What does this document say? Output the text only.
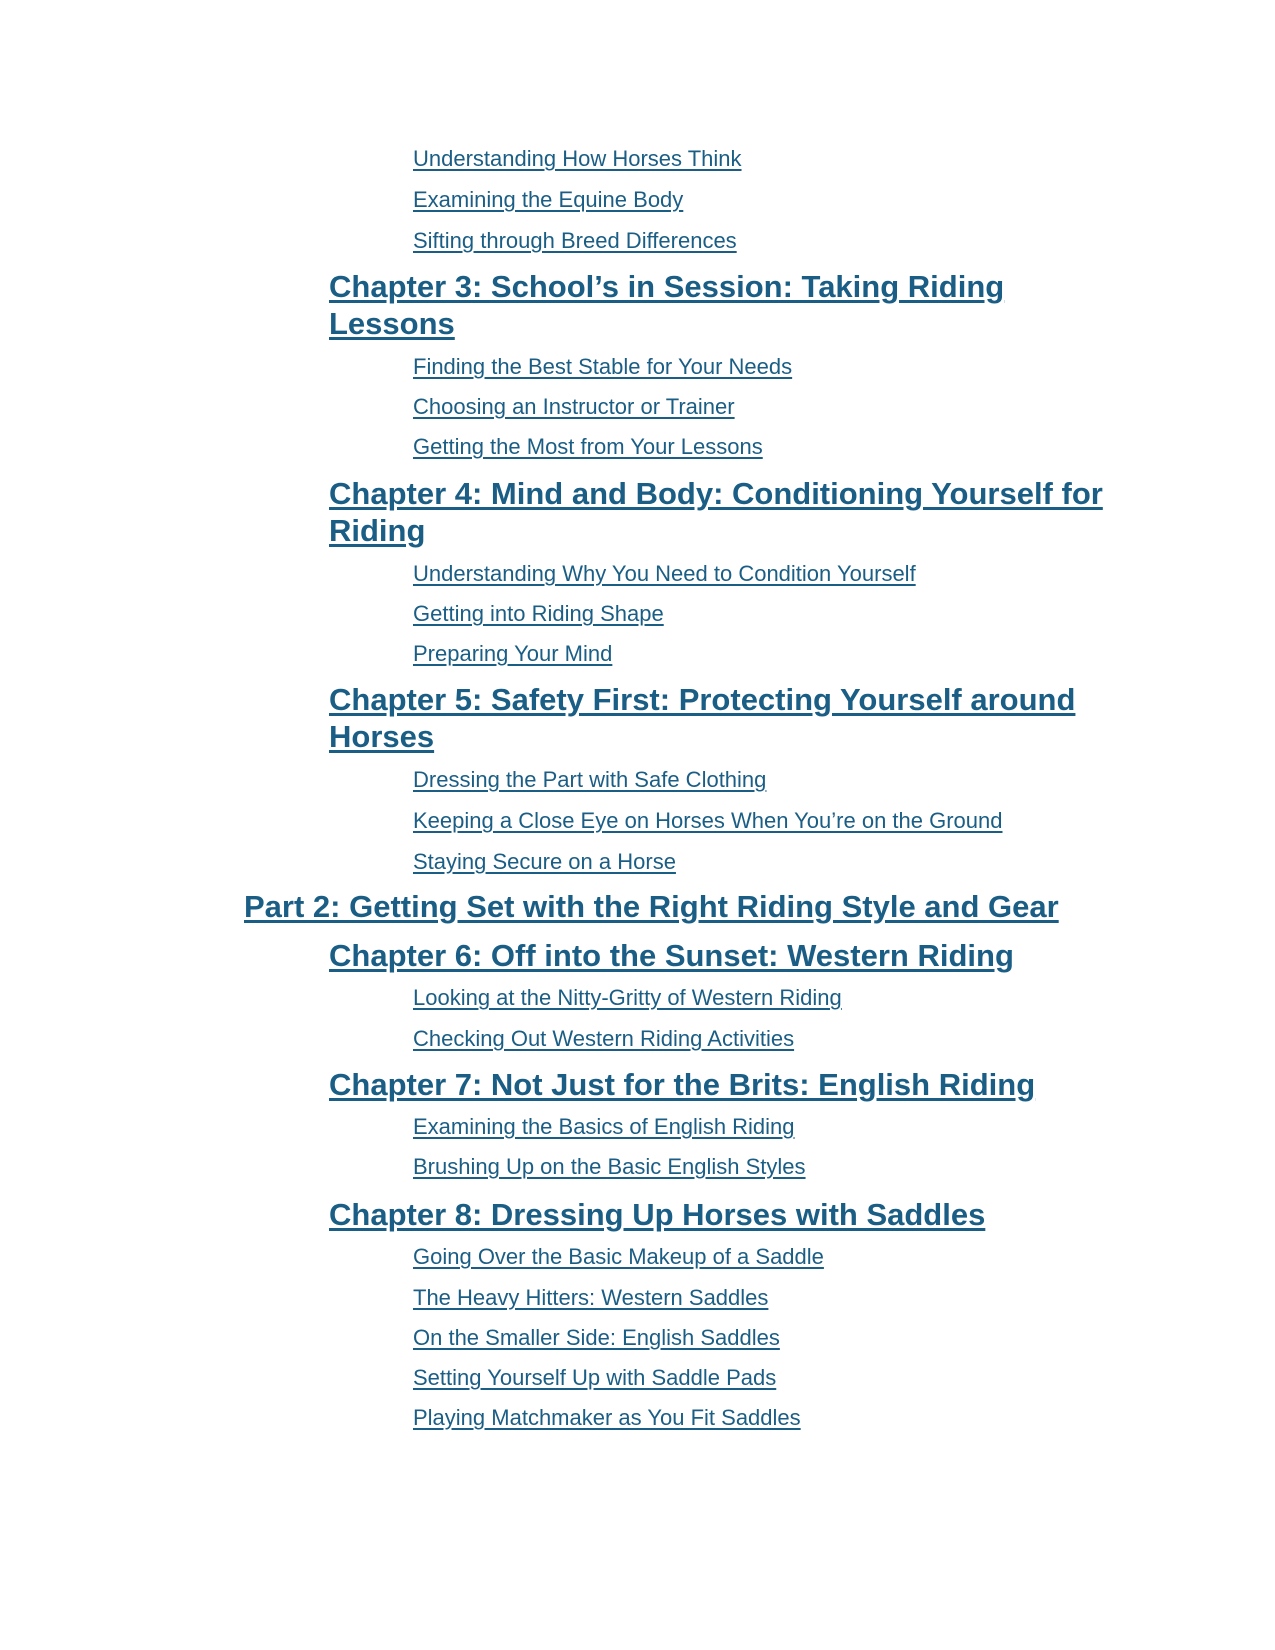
Understanding How Horses Think
Examining the Equine Body
Sifting through Breed Differences
Chapter 3: School’s in Session: Taking Riding
Lessons
Finding the Best Stable for Your Needs
Choosing an Instructor or Trainer
Getting the Most from Your Lessons
Chapter 4: Mind and Body: Conditioning Yourself for
Riding
Understanding Why You Need to Condition Yourself
Getting into Riding Shape
Preparing Your Mind
Chapter 5: Safety First: Protecting Yourself around
Horses
Dressing the Part with Safe Clothing
Keeping a Close Eye on Horses When You’re on the Ground
Staying Secure on a Horse
Part 2: Getting Set with the Right Riding Style and Gear
Chapter 6: Off into the Sunset: Western Riding
Looking at the Nitty-Gritty of Western Riding
Checking Out Western Riding Activities
Chapter 7: Not Just for the Brits: English Riding
Examining the Basics of English Riding
Brushing Up on the Basic English Styles
Chapter 8: Dressing Up Horses with Saddles
Going Over the Basic Makeup of a Saddle
The Heavy Hitters: Western Saddles
On the Smaller Side: English Saddles
Setting Yourself Up with Saddle Pads
Playing Matchmaker as You Fit Saddles
